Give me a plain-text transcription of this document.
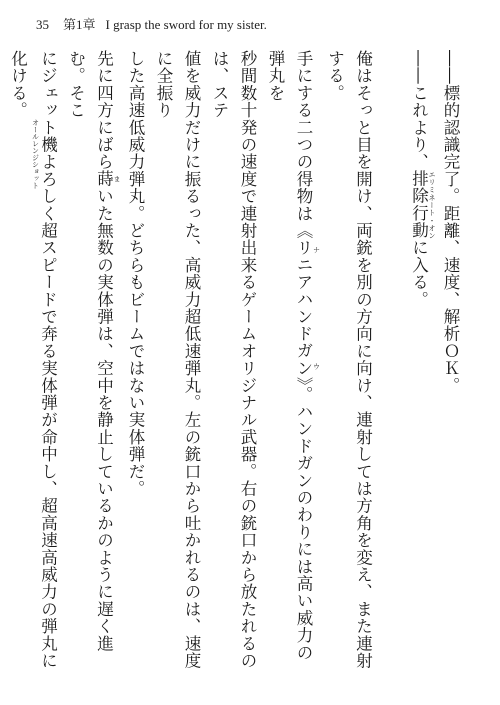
35 第1章 I grasp the sword for my sister.

――標的認識完了。距離、速度、解析ＯＫ。

――これより、排除行動 エリミネート・オンに入る。

俺はそっと目を開け、両銃を別の方向に向け、連射しては方角を変え、また連射する。

手にする二つの得物は《リニアハンドガン ナ ウ》。ハンドガンのわりには高い威力の弾丸を

秒間数十発の速度で連射出来るゲームオリジナル武器。右の銃口から放たれるのは、ステ

値を威力だけに振るった、高威力超低速弾丸。左の銃口から吐かれるのは、速度に全振り

した高速低威力弾丸。どちらもビームではない実体弾だ。

先に四方にばら蒔 まいた無数の実体弾は、空中を静止しているかのように遅く進む。そこ

にジェット機よろしく超スピードで奔る実体弾が命中し、超高速高威力の弾丸に化ける。オールレンジショット
